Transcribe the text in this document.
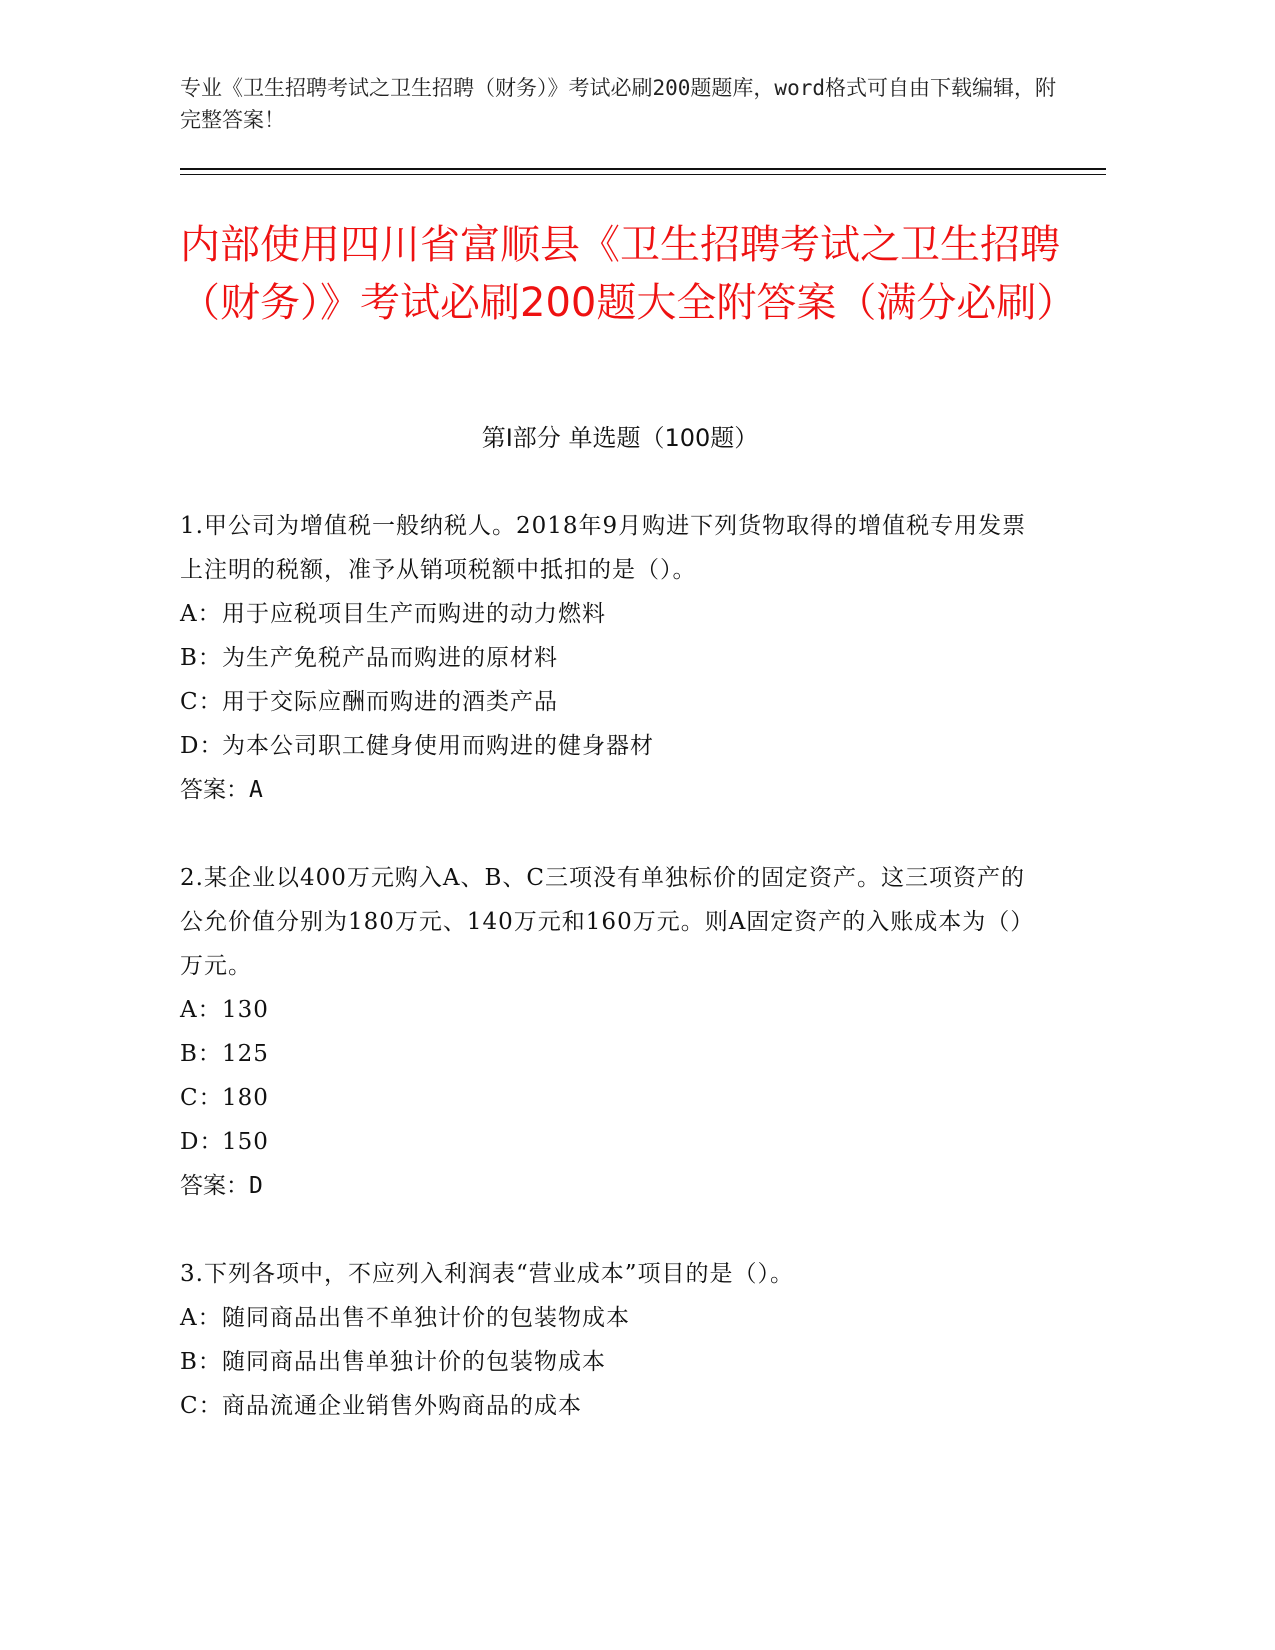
专业《卫生招聘考试之卫生招聘（财务）》考试必刷200题题库，word格式可自由下载编辑，附完整答案！
内部使用四川省富顺县《卫生招聘考试之卫生招聘（财务）》考试必刷200题大全附答案（满分必刷）
第Ⅰ部分 单选题（100题）
1.甲公司为增值税一般纳税人。2018年9月购进下列货物取得的增值税专用发票上注明的税额，准予从销项税额中抵扣的是（）。
A：用于应税项目生产而购进的动力燃料
B：为生产免税产品而购进的原材料
C：用于交际应酬而购进的酒类产品
D：为本公司职工健身使用而购进的健身器材
答案：A
2.某企业以400万元购入A、B、C三项没有单独标价的固定资产。这三项资产的公允价值分别为180万元、140万元和160万元。则A固定资产的入账成本为（）万元。
A：130
B：125
C：180
D：150
答案：D
3.下列各项中，不应列入利润表“营业成本”项目的是（）。
A：随同商品出售不单独计价的包装物成本
B：随同商品出售单独计价的包装物成本
C：商品流通企业销售外购商品的成本
